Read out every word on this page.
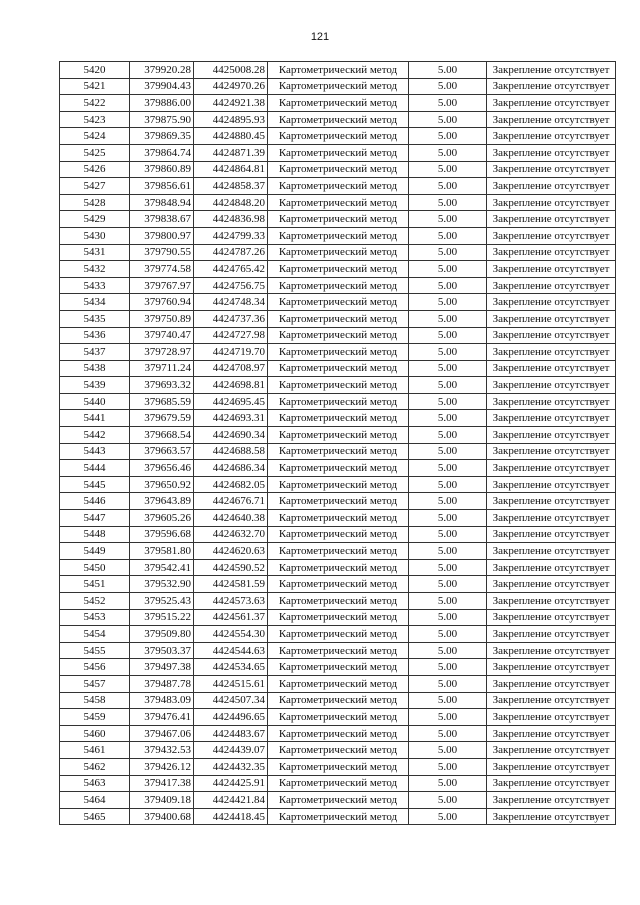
121
5420	379920.28	4425008.28	Картометрический метод	5.00	Закрепление отсутствует
5421	379904.43	4424970.26	Картометрический метод	5.00	Закрепление отсутствует
5422	379886.00	4424921.38	Картометрический метод	5.00	Закрепление отсутствует
5423	379875.90	4424895.93	Картометрический метод	5.00	Закрепление отсутствует
5424	379869.35	4424880.45	Картометрический метод	5.00	Закрепление отсутствует
5425	379864.74	4424871.39	Картометрический метод	5.00	Закрепление отсутствует
5426	379860.89	4424864.81	Картометрический метод	5.00	Закрепление отсутствует
5427	379856.61	4424858.37	Картометрический метод	5.00	Закрепление отсутствует
5428	379848.94	4424848.20	Картометрический метод	5.00	Закрепление отсутствует
5429	379838.67	4424836.98	Картометрический метод	5.00	Закрепление отсутствует
5430	379800.97	4424799.33	Картометрический метод	5.00	Закрепление отсутствует
5431	379790.55	4424787.26	Картометрический метод	5.00	Закрепление отсутствует
5432	379774.58	4424765.42	Картометрический метод	5.00	Закрепление отсутствует
5433	379767.97	4424756.75	Картометрический метод	5.00	Закрепление отсутствует
5434	379760.94	4424748.34	Картометрический метод	5.00	Закрепление отсутствует
5435	379750.89	4424737.36	Картометрический метод	5.00	Закрепление отсутствует
5436	379740.47	4424727.98	Картометрический метод	5.00	Закрепление отсутствует
5437	379728.97	4424719.70	Картометрический метод	5.00	Закрепление отсутствует
5438	379711.24	4424708.97	Картометрический метод	5.00	Закрепление отсутствует
5439	379693.32	4424698.81	Картометрический метод	5.00	Закрепление отсутствует
5440	379685.59	4424695.45	Картометрический метод	5.00	Закрепление отсутствует
5441	379679.59	4424693.31	Картометрический метод	5.00	Закрепление отсутствует
5442	379668.54	4424690.34	Картометрический метод	5.00	Закрепление отсутствует
5443	379663.57	4424688.58	Картометрический метод	5.00	Закрепление отсутствует
5444	379656.46	4424686.34	Картометрический метод	5.00	Закрепление отсутствует
5445	379650.92	4424682.05	Картометрический метод	5.00	Закрепление отсутствует
5446	379643.89	4424676.71	Картометрический метод	5.00	Закрепление отсутствует
5447	379605.26	4424640.38	Картометрический метод	5.00	Закрепление отсутствует
5448	379596.68	4424632.70	Картометрический метод	5.00	Закрепление отсутствует
5449	379581.80	4424620.63	Картометрический метод	5.00	Закрепление отсутствует
5450	379542.41	4424590.52	Картометрический метод	5.00	Закрепление отсутствует
5451	379532.90	4424581.59	Картометрический метод	5.00	Закрепление отсутствует
5452	379525.43	4424573.63	Картометрический метод	5.00	Закрепление отсутствует
5453	379515.22	4424561.37	Картометрический метод	5.00	Закрепление отсутствует
5454	379509.80	4424554.30	Картометрический метод	5.00	Закрепление отсутствует
5455	379503.37	4424544.63	Картометрический метод	5.00	Закрепление отсутствует
5456	379497.38	4424534.65	Картометрический метод	5.00	Закрепление отсутствует
5457	379487.78	4424515.61	Картометрический метод	5.00	Закрепление отсутствует
5458	379483.09	4424507.34	Картометрический метод	5.00	Закрепление отсутствует
5459	379476.41	4424496.65	Картометрический метод	5.00	Закрепление отсутствует
5460	379467.06	4424483.67	Картометрический метод	5.00	Закрепление отсутствует
5461	379432.53	4424439.07	Картометрический метод	5.00	Закрепление отсутствует
5462	379426.12	4424432.35	Картометрический метод	5.00	Закрепление отсутствует
5463	379417.38	4424425.91	Картометрический метод	5.00	Закрепление отсутствует
5464	379409.18	4424421.84	Картометрический метод	5.00	Закрепление отсутствует
5465	379400.68	4424418.45	Картометрический метод	5.00	Закрепление отсутствует
